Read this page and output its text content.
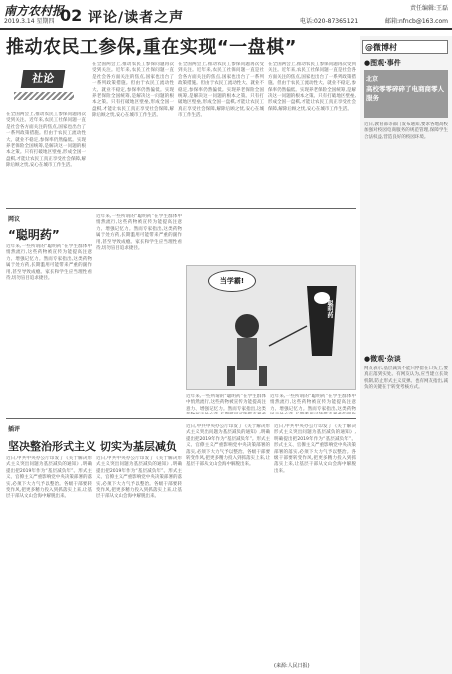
南方农村报
2019.3.14 星期四 02 评论/读者之声	电话:020-87365121
责任编辑:王磊
邮箱:nfncb@163.com
推动农民工参保,重在实现“一盘棋”
社论
在全国两会上,推动农民工参保问题再次受到关注。近年来,农民工社保问题一直是社会各方面关注的焦点,国家也出台了一系列政策措施。但由于农民工流动性大、就业不稳定,参保率仍然偏低。实现养老保险全国统筹,是解决这一问题的根本之策。只有打破地区壁垒,形成全国一盘棋,才能让农民工真正享受社会保障,解除后顾之忧,安心在城市工作生活。
在全国两会上,推动农民工参保问题再次受到关注。近年来,农民工社保问题一直是社会各方面关注的焦点,国家也出台了一系列政策措施。但由于农民工流动性大、就业不稳定,参保率仍然偏低。实现养老保险全国统筹,是解决这一问题的根本之策。只有打破地区壁垒,形成全国一盘棋,才能让农民工真正享受社会保障,解除后顾之忧,安心在城市工作生活。
在全国两会上,推动农民工参保问题再次受到关注。近年来,农民工社保问题一直是社会各方面关注的焦点,国家也出台了一系列政策措施。但由于农民工流动性大、就业不稳定,参保率仍然偏低。实现养老保险全国统筹,是解决这一问题的根本之策。只有打破地区壁垒,形成全国一盘棋,才能让农民工真正享受社会保障,解除后顾之忧,安心在城市工作生活。
在全国两会上,推动农民工参保问题再次受到关注。近年来,农民工社保问题一直是社会各方面关注的焦点,国家也出台了一系列政策措施。但由于农民工流动性大、就业不稳定,参保率仍然偏低。实现养老保险全国统筹,是解决这一问题的根本之策。只有打破地区壁垒,形成全国一盘棋,才能让农民工真正享受社会保障,解除后顾之忧,安心在城市工作生活。
网议
“聪明药”
近年来,一些所谓的“聪明药”在学生群体中悄然流行,这些药物被宣传为能提高注意力、增强记忆力。然而专家指出,这类药物属于处方药,长期滥用可能带来严重的副作用,甚至导致成瘾。家长和学生应当理性看待,切勿盲目追求捷径。
近年来,一些所谓的“聪明药”在学生群体中悄然流行,这些药物被宣传为能提高注意力、增强记忆力。然而专家指出,这类药物属于处方药,长期滥用可能带来严重的副作用,甚至导致成瘾。家长和学生应当理性看待,切勿盲目追求捷径。
当学霸!
聪明药
近年来,一些所谓的“聪明药”在学生群体中悄然流行,这些药物被宣传为能提高注意力、增强记忆力。然而专家指出,这类
近年来,一些所谓的“聪明药”在学生群体中悄然流行,这些药物被宣传为能提高注意力、增强记忆力。然而专家指出,这类药物
插评
坚决整治形式主义 切实为基层减负
近日,中共中央办公厅印发了《关于解决形式主义突出问题为基层减负的通知》,明确提出把2019年作为“基层减负年”。形式主义、官僚主义严重影响党中央决策部署的落实,必须下大力气予以整治。各级干部要转变作风,把更多精力投入到抓落实上来,让基层干部从文山会海中解脱出来。
近日,中共中央办公厅印发了《关于解决形式主义突出问题为基层减负的通知》,明确提出把2019年作为“基层减负年”。形式主义、官僚主义严重影响党中央决策部署的落实,必须下大力气予以整治。各级干部要转变作风,把更多精力投入到抓落实上来,让基层干部从文山会海中解脱出来。
近日,中共中央办公厅印发了《关于解决形式主义突出问题为基层减负的通知》,明确提出把2019年作为“基层减负年”。形式主义、官僚主义严重影响党中央决策部署的落实,必须下大力气予以整治。各级干部要转变作风,把更多精力投入到抓落实上来,让基层干部从文山会海中解脱出来。
近日,中共中央办公厅印发了《关于解决形式主义突出问题为基层减负的通知》,明确提出把2019年作为“基层减负年”。形式主义、官僚主义严重影响党中央决策部署的落实,必须下大力气予以整治。各级干部要转变作风,把更多精力投入到抓落实上来,让基层干部从文山会海中解脱出来。
(来源:人民日报)
@微博村
●图观·事件
北京
高校零零碎碎了电商商零人服务
近日,教育部等部门发布通知,要求各地高校加强对校园电商服务的规范管理,保障学生合法权益,营造良好的校园环境。
●微观·杂谈
网友表示,基层减负不能只停留在口头上,要真正落到实处。有网友认为,应当建立长效机制,防止形式主义反弹。也有网友指出,减负的关键在于转变考核方式。
